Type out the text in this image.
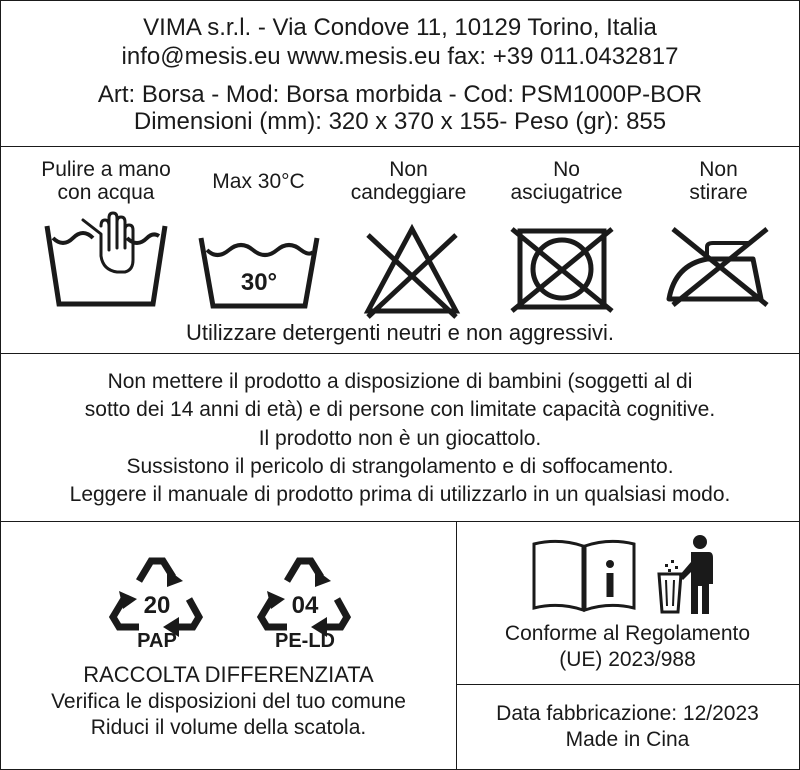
VIMA s.r.l. - Via Condove 11, 10129 Torino, Italia
info@mesis.eu www.mesis.eu fax: +39 011.0432817
Art: Borsa - Mod: Borsa morbida - Cod: PSM1000P-BOR
Dimensioni (mm): 320 x 370 x 155- Peso (gr): 855
Pulire a mano
con acqua	Max 30°C
30°
Non
candeggiare
No
asciugatrice
Non
stirare
Utilizzare detergenti neutri e non aggressivi.
Non mettere il prodotto a disposizione di bambini (soggetti al di
sotto dei 14 anni di età) e di persone con limitate capacità cognitive.
Il prodotto non è un giocattolo.
Sussistono il pericolo di strangolamento e di soffocamento.
Leggere il manuale di prodotto prima di utilizzarlo in un qualsiasi modo.
20
PAP
04
PE-LD
RACCOLTA DIFFERENZIATA
Verifica le disposizioni del tuo comune
Riduci il volume della scatola.
Conforme al Regolamento
(UE) 2023/988
Data fabbricazione: 12/2023
Made in Cina
